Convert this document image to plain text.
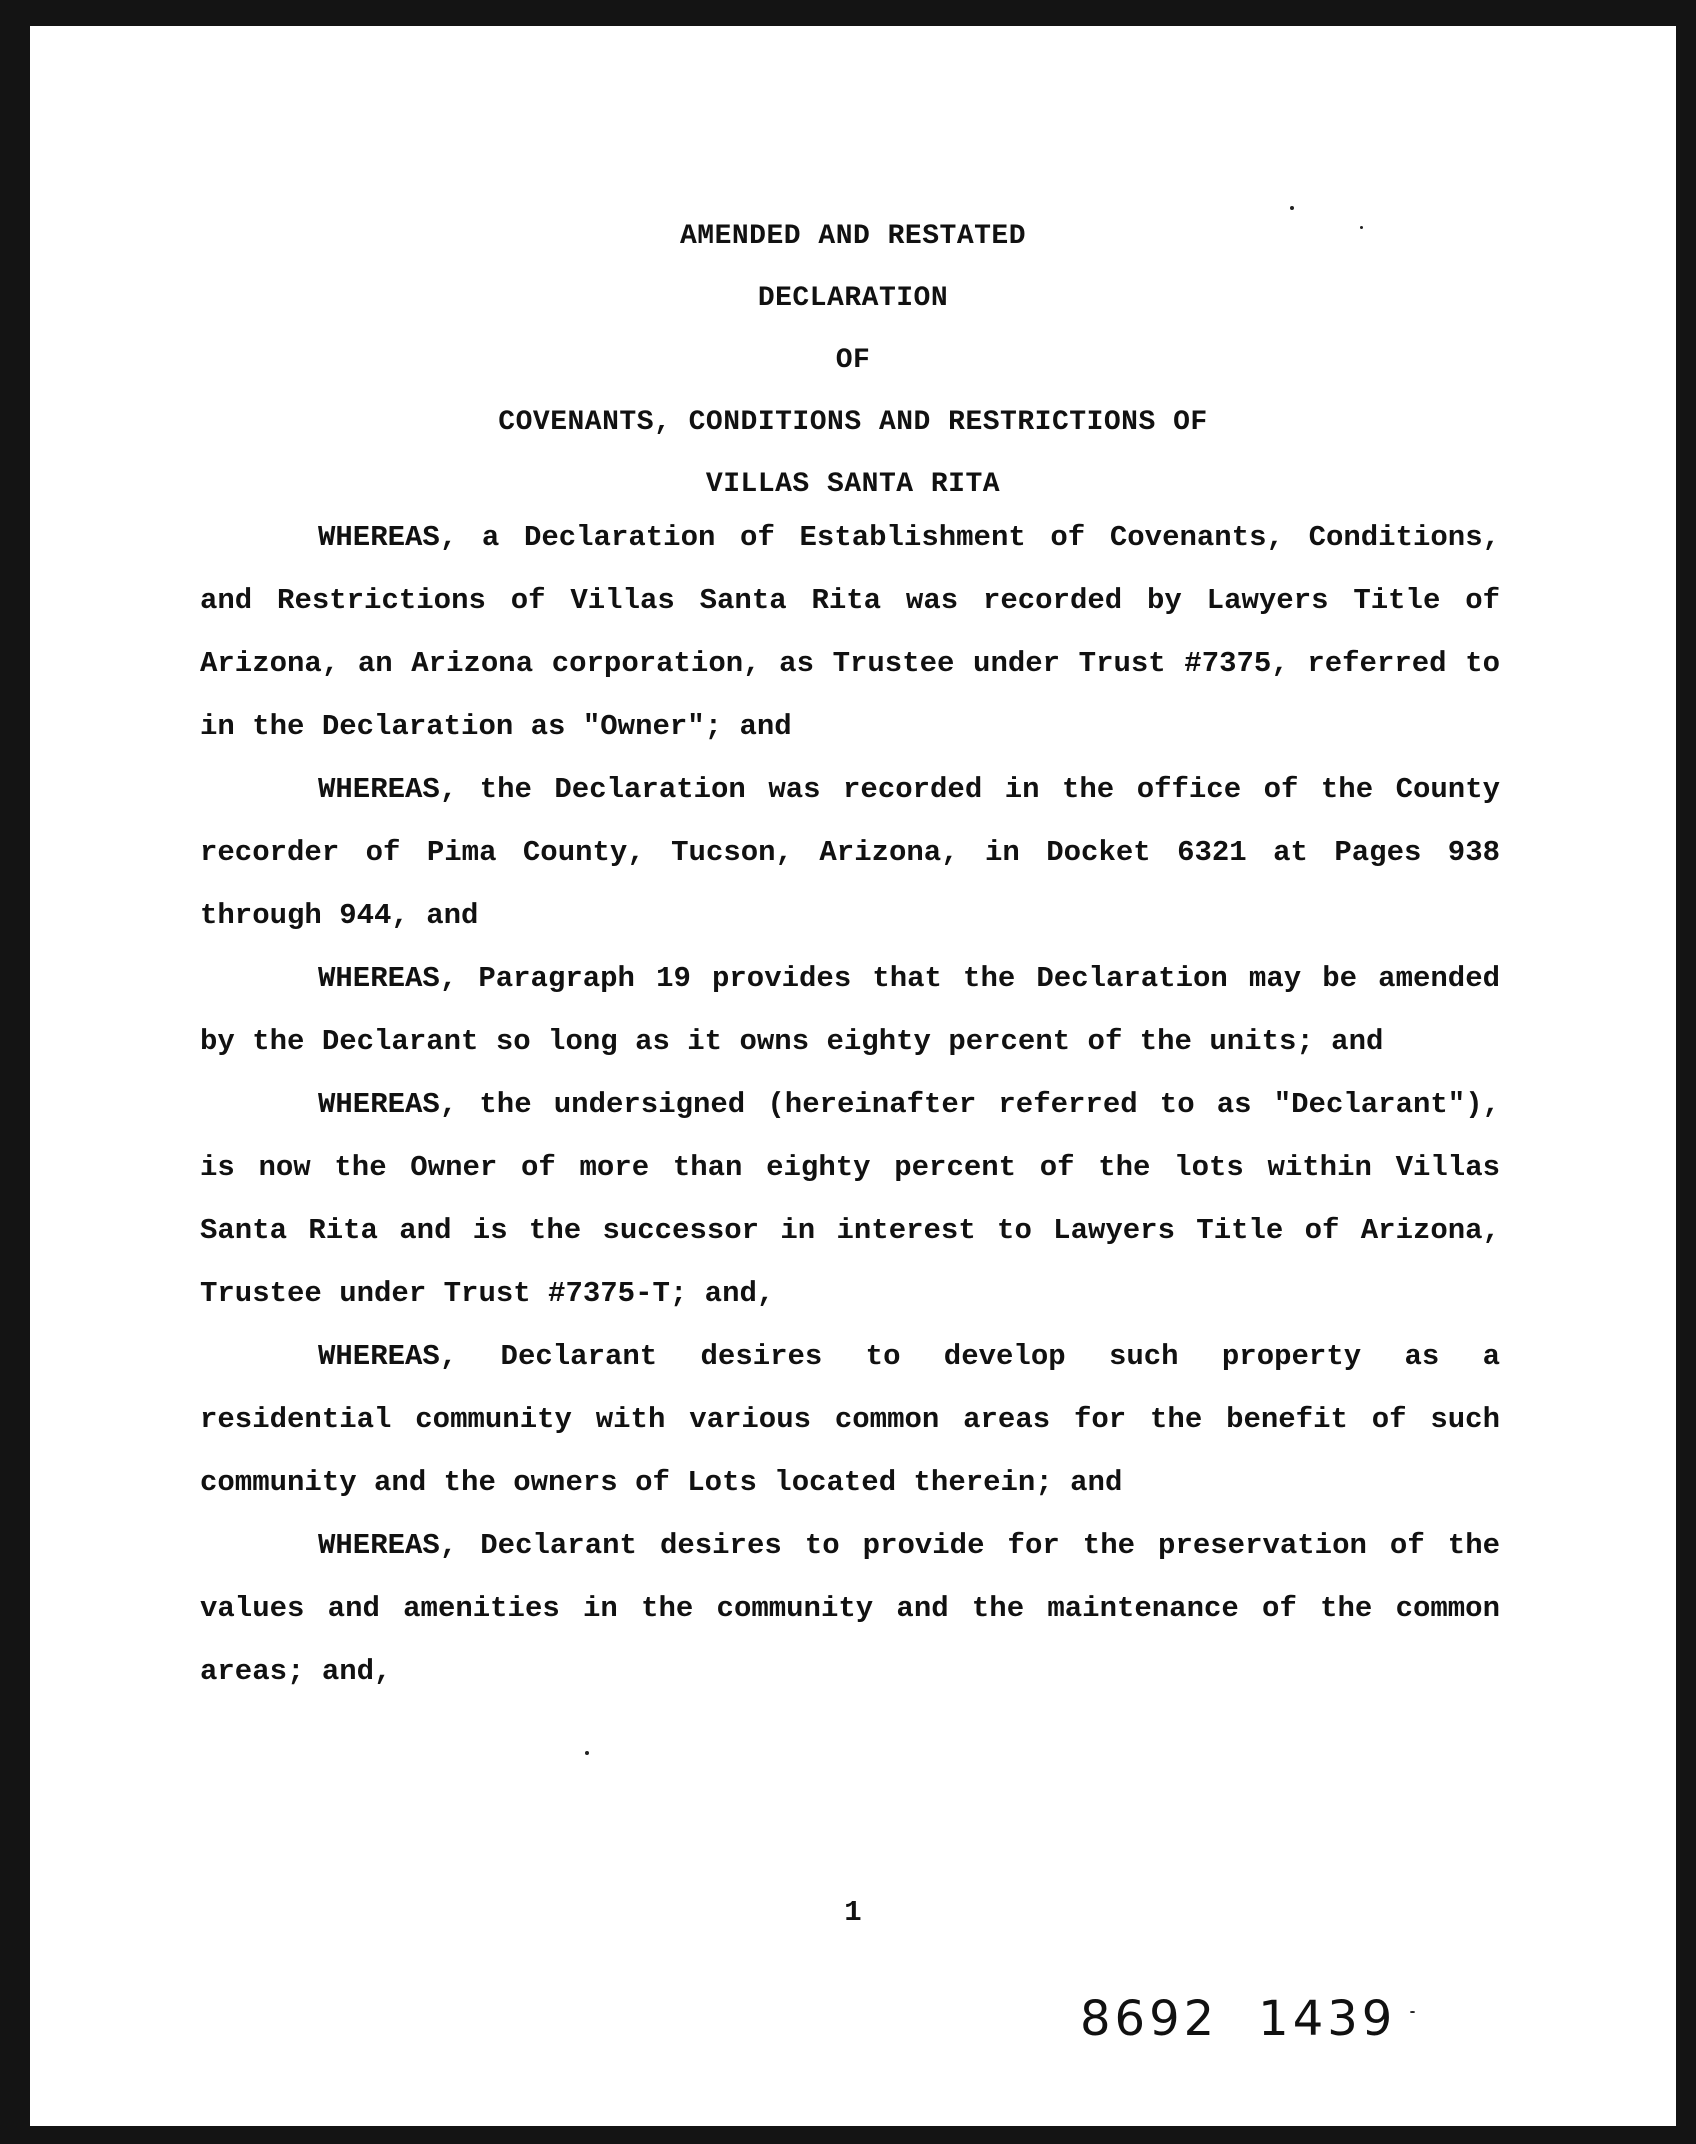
AMENDED AND RESTATED
DECLARATION
OF
COVENANTS, CONDITIONS AND RESTRICTIONS OF
VILLAS SANTA RITA

WHEREAS, a Declaration of Establishment of Covenants, Conditions, and Restrictions of Villas Santa Rita was recorded by Lawyers Title of Arizona, an Arizona corporation, as Trustee under Trust #7375, referred to in the Declaration as "Owner"; and

WHEREAS, the Declaration was recorded in the office of the County recorder of Pima County, Tucson, Arizona, in Docket 6321 at Pages 938 through 944, and

WHEREAS, Paragraph 19 provides that the Declaration may be amended by the Declarant so long as it owns eighty percent of the units; and

WHEREAS, the undersigned (hereinafter referred to as "Declarant"), is now the Owner of more than eighty percent of the lots within Villas Santa Rita and is the successor in interest to Lawyers Title of Arizona, Trustee under Trust #7375-T; and,

WHEREAS, Declarant desires to develop such property as a residential community with various common areas for the benefit of such community and the owners of Lots located therein; and

WHEREAS, Declarant desires to provide for the preservation of the values and amenities in the community and the maintenance of the common areas; and,

1
8692 1439
